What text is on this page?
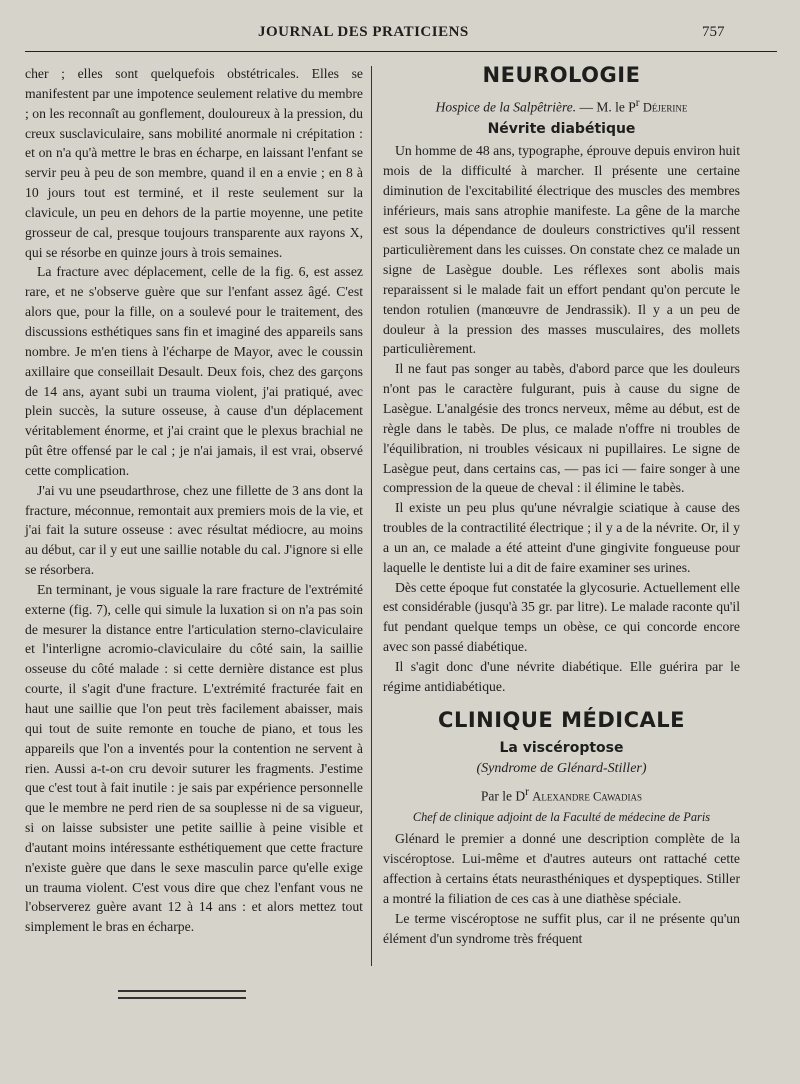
JOURNAL DES PRATICIENS	757

cher ; elles sont quelquefois obstétricales. Elles se manifestent par une impotence seulement relative du membre ; on les reconnaît au gonflement, douloureux à la pression, du creux susclaviculaire, sans mobilité anormale ni crépitation : et on n'a qu'à mettre le bras en écharpe, en laissant l'enfant se servir peu à peu de son membre, quand il en a envie ; en 8 à 10 jours tout est terminé, et il reste seulement sur la clavicule, un peu en dehors de la partie moyenne, une petite grosseur de cal, presque toujours transparente aux rayons X, qui se résorbe en quinze jours à trois semaines.

La fracture avec déplacement, celle de la fig. 6, est assez rare, et ne s'observe guère que sur l'enfant assez âgé. C'est alors que, pour la fille, on a soulevé pour le traitement, des discussions esthétiques sans fin et imaginé des appareils sans nombre. Je m'en tiens à l'écharpe de Mayor, avec le coussin axillaire que conseillait Desault. Deux fois, chez des garçons de 14 ans, ayant subi un trauma violent, j'ai pratiqué, avec plein succès, la suture osseuse, à cause d'un déplacement véritablement énorme, et j'ai craint que le plexus brachial ne pût être offensé par le cal ; je n'ai jamais, il est vrai, observé cette complication.

J'ai vu une pseudarthrose, chez une fillette de 3 ans dont la fracture, méconnue, remontait aux premiers mois de la vie, et j'ai fait la suture osseuse : avec résultat médiocre, au moins au début, car il y eut une saillie notable du cal. J'ignore si elle se résorbera.

En terminant, je vous siguale la rare fracture de l'extrémité externe (fig. 7), celle qui simule la luxation si on n'a pas soin de mesurer la distance entre l'articulation sterno-claviculaire et l'interligne acromio-claviculaire du côté sain, la saillie osseuse du côté malade : si cette dernière distance est plus courte, il s'agit d'une fracture. L'extrémité fracturée fait en haut une saillie que l'on peut très facilement abaisser, mais qui tout de suite remonte en touche de piano, et tous les appareils que l'on a inventés pour la contention ne servent à rien. Aussi a-t-on cru devoir suturer les fragments. J'estime que c'est tout à fait inutile : je sais par expérience personnelle que le membre ne perd rien de sa souplesse ni de sa vigueur, si on laisse subsister une petite saillie à peine visible et d'autant moins intéressante esthétiquement que cette fracture n'existe guère que dans le sexe masculin parce qu'elle exige un trauma violent. C'est vous dire que chez l'enfant vous ne l'observerez guère avant 12 à 14 ans : et alors mettez tout simplement le bras en écharpe.

NEUROLOGIE
Hospice de la Salpêtrière. — M. le $P^r$ Déjerine
Névrite diabétique

Un homme de 48 ans, typographe, éprouve depuis environ huit mois de la difficulté à marcher. Il présente une certaine diminution de l'excitabilité électrique des muscles des membres inférieurs, mais sans atrophie manifeste. La gêne de la marche est sous la dépendance de douleurs constrictives qu'il ressent particulièrement dans les cuisses. On constate chez ce malade un signe de Lasègue double. Les réflexes sont abolis mais reparaissent si le malade fait un effort pendant qu'on percute le tendon rotulien (manœuvre de Jendrassik). Il y a un peu de douleur à la pression des masses musculaires, des mollets particulièrement.

Il ne faut pas songer au tabès, d'abord parce que les douleurs n'ont pas le caractère fulgurant, puis à cause du signe de Lasègue. L'analgésie des troncs nerveux, même au début, est de règle dans le tabès. De plus, ce malade n'offre ni troubles de l'équilibration, ni troubles vésicaux ni pupillaires. Le signe de Lasègue peut, dans certains cas, — pas ici — faire songer à une compression de la queue de cheval : il élimine le tabès.

Il existe un peu plus qu'une névralgie sciatique à cause des troubles de la contractilité électrique ; il y a de la névrite. Or, il y a un an, ce malade a été atteint d'une gingivite fongueuse pour laquelle le dentiste lui a dit de faire examiner ses urines.

Dès cette époque fut constatée la glycosurie. Actuellement elle est considérable (jusqu'à 35 gr. par litre). Le malade raconte qu'il fut pendant quelque temps un obèse, ce qui concorde encore avec son passé diabétique.

Il s'agit donc d'une névrite diabétique. Elle guérira par le régime antidiabétique.

CLINIQUE MÉDICALE
La viscéroptose
(Syndrome de Glénard-Stiller)
Par le $D^r$ Alexandre Cawadias
Chef de clinique adjoint de la Faculté de médecine de Paris

Glénard le premier a donné une description complète de la viscéroptose. Lui-même et d'autres auteurs ont rattaché cette affection à certains états neurasthéniques et dyspeptiques. Stiller a montré la filiation de ces cas à une diathèse spéciale.

Le terme viscéroptose ne suffit plus, car il ne présente qu'un élément d'un syndrome très fréquent
